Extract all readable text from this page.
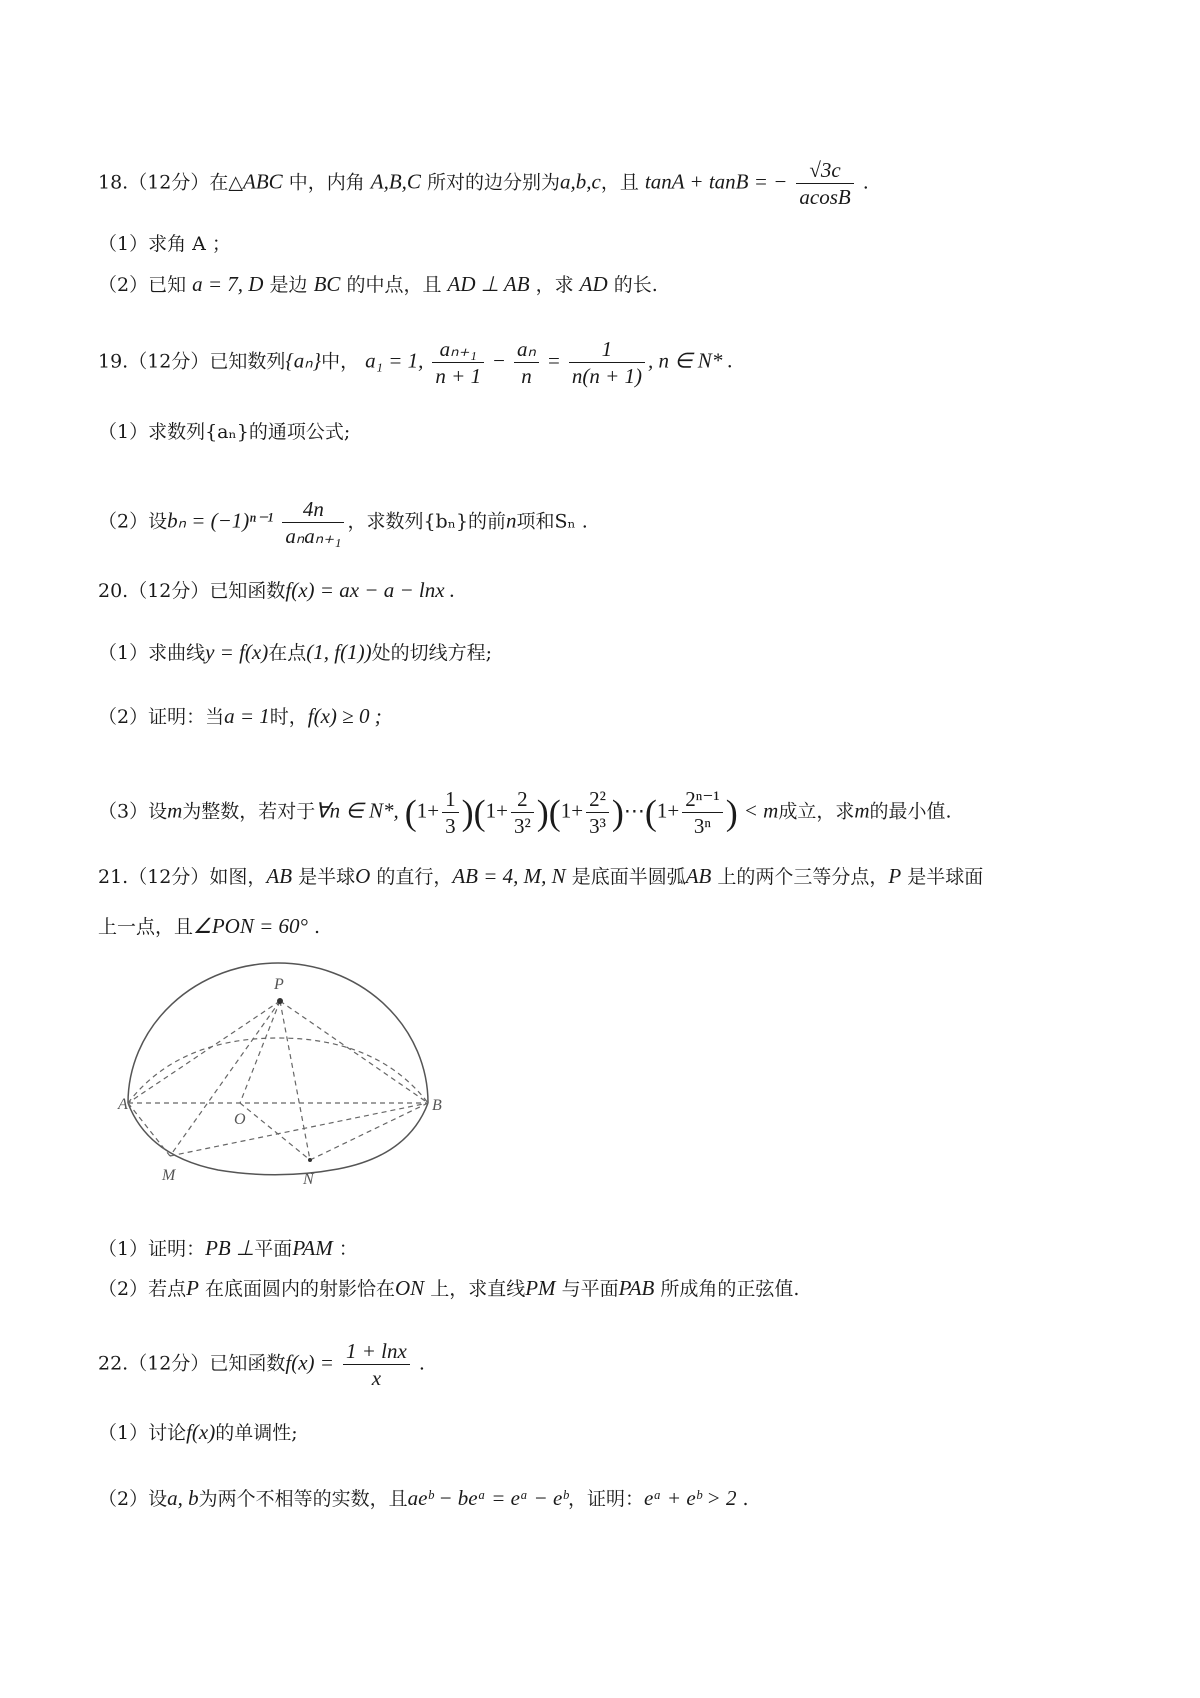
18.（12分）在△ABC 中，内角 A,B,C 所对的边分别为a,b,c，且 tanA + tanB = − $\frac{√3c}{acosB}$ .
（1）求角 A ；
（2）已知 a = 7, D 是边 BC 的中点，且 AD ⊥ AB ，求 AD 的长.
19.（12分）已知数列{aₙ}中， a₁ = 1, $\frac{\text{aₙ₊₁}}{n + 1} - \frac{\text{aₙ}}{n} = \frac{1}{n(n + 1)}$ , n ∈ N* .
（1）求数列{aₙ}的通项公式;
（2）设$b_n = (-1)^{n-1} \frac{4n}{\text{aₙaₙ₊₁}}$ ，求数列{bₙ}的前n项和Sₙ .
20.（12分）已知函数f(x) = ax − a − lnx .
（1）求曲线y = f(x)在点(1, f(1))处的切线方程;
（2）证明：当a = 1时，f(x) ≥ 0 ;
（3）设m为整数，若对于∀n ∈ N*, $(1+ \frac{1}{3} )(1+ \frac{2}{\text{3²}} )(1+ \frac{\text{2²}}{\text{3³}}$ )⋯(1+ $\frac{\text{2ⁿ⁻¹}}{\text{3ⁿ}}$ ) < m成立，求m的最小值.
21.（12分）如图，AB 是半球O 的直行，AB = 4, M, N 是底面半圆弧AB 上的两个三等分点，P 是半球面
上一点，且∠PON = 60° .
P
A	B
O
M	N
（1）证明：PB ⊥平面PAM ：
（2）若点P 在底面圆内的射影恰在ON 上，求直线PM 与平面PAB 所成角的正弦值.
22.（12分）已知函数$f(x) = \frac{1 + \ln x}{x}$ .
（1）讨论f(x)的单调性;
（2）设a, b为两个不相等的实数，且aeᵇ − beᵃ = eᵃ − eᵇ，证明：eᵃ + eᵇ > 2 .
